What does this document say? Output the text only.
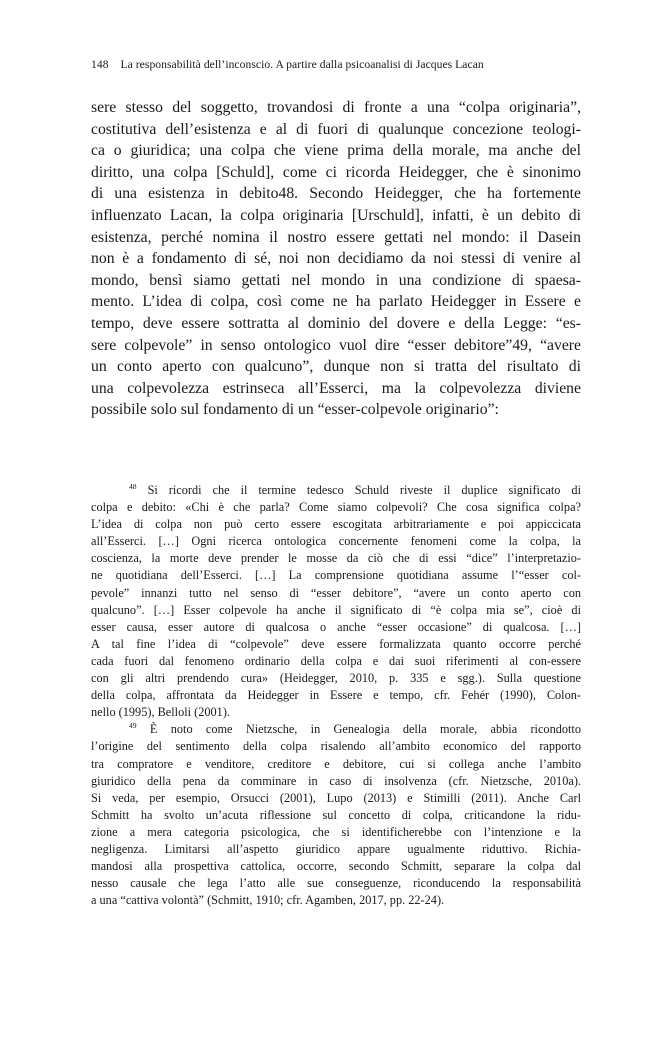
148 La responsabilità dell’inconscio. A partire dalla psicoanalisi di Jacques Lacan
sere stesso del soggetto, trovandosi di fronte a una “colpa originaria”,
costitutiva dell’esistenza e al di fuori di qualunque concezione teologi-
ca o giuridica; una colpa che viene prima della morale, ma anche del
diritto, una colpa [Schuld], come ci ricorda Heidegger, che è sinonimo
di una esistenza in debito48. Secondo Heidegger, che ha fortemente
influenzato Lacan, la colpa originaria [Urschuld], infatti, è un debito di
esistenza, perché nomina il nostro essere gettati nel mondo: il Dasein
non è a fondamento di sé, noi non decidiamo da noi stessi di venire al
mondo, bensì siamo gettati nel mondo in una condizione di spaesa-
mento. L’idea di colpa, così come ne ha parlato Heidegger in Essere e
tempo, deve essere sottratta al dominio del dovere e della Legge: “es-
sere colpevole” in senso ontologico vuol dire “esser debitore”49, “avere
un conto aperto con qualcuno”, dunque non si tratta del risultato di
una colpevolezza estrinseca all’Esserci, ma la colpevolezza diviene
possibile solo sul fondamento di un “esser-colpevole originario”:
$^{48}$ Si ricordi che il termine tedesco Schuld riveste il duplice significato di
colpa e debito: «Chi è che parla? Come siamo colpevoli? Che cosa significa colpa?
L’idea di colpa non può certo essere escogitata arbitrariamente e poi appiccicata
all’Esserci. […] Ogni ricerca ontologica concernente fenomeni come la colpa, la
coscienza, la morte deve prender le mosse da ciò che di essi “dice” l’interpretazio-
ne quotidiana dell’Esserci. […] La comprensione quotidiana assume l’“esser col-
pevole” innanzi tutto nel senso di “esser debitore”, “avere un conto aperto con
qualcuno”. […] Esser colpevole ha anche il significato di “è colpa mia se”, cioè di
esser causa, esser autore di qualcosa o anche “esser occasione” di qualcosa. […]
A tal fine l’idea di “colpevole” deve essere formalizzata quanto occorre perché
cada fuori dal fenomeno ordinario della colpa e dai suoi riferimenti al con-essere
con gli altri prendendo cura» (Heidegger, 2010, p. 335 e sgg.). Sulla questione
della colpa, affrontata da Heidegger in Essere e tempo, cfr. Fehér (1990), Colon-
nello (1995), Belloli (2001).
$^{49}$ È noto come Nietzsche, in Genealogia della morale, abbia ricondotto
l’origine del sentimento della colpa risalendo all’ambito economico del rapporto
tra compratore e venditore, creditore e debitore, cui si collega anche l’ambito
giuridico della pena da comminare in caso di insolvenza (cfr. Nietzsche, 2010a).
Si veda, per esempio, Orsucci (2001), Lupo (2013) e Stimilli (2011). Anche Carl
Schmitt ha svolto un’acuta riflessione sul concetto di colpa, criticandone la ridu-
zione a mera categoria psicologica, che si identificherebbe con l’intenzione e la
negligenza. Limitarsi all’aspetto giuridico appare ugualmente riduttivo. Richia-
mandosi alla prospettiva cattolica, occorre, secondo Schmitt, separare la colpa dal
nesso causale che lega l’atto alle sue conseguenze, riconducendo la responsabilità
a una “cattiva volontà” (Schmitt, 1910; cfr. Agamben, 2017, pp. 22-24).
